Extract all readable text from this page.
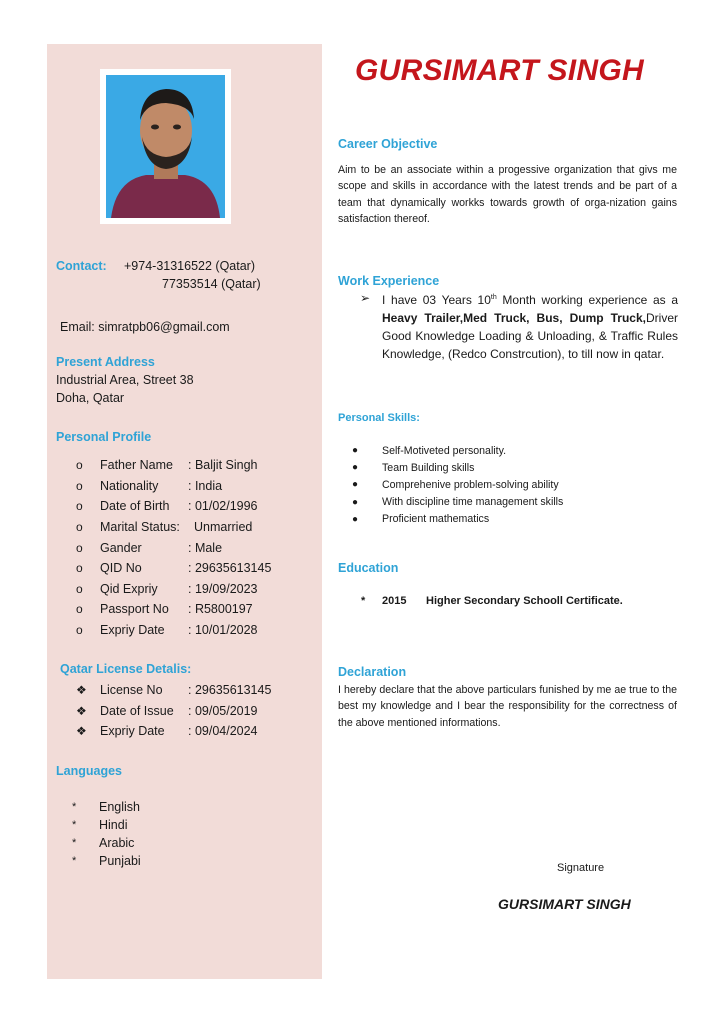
Contact: +974-31316522 (Qatar)
77353514 (Qatar)
Email: simratpb06@gmail.com
Present Address
Industrial Area, Street 38
Doha, Qatar
Personal Profile
o	Father Name	: Baljit Singh
o	Nationality	: India
o	Date of Birth	: 01/02/1996
o	Marital Status:	Unmarried
o	Gander	: Male
o	QID No	: 29635613145
o	Qid Expriy	: 19/09/2023
o	Passport No	: R5800197
o	Expriy Date	: 10/01/2028
Qatar License Detalis:
❖	License No	: 29635613145
❖	Date of Issue	: 09/05/2019
❖	Expriy Date	: 09/04/2024
Languages
*	English
*	Hindi
*	Arabic
*	Punjabi
GURSIMART SINGH
Career Objective
Aim to be an associate within a progessive organization that givs me scope and skills in accordance with the latest trends and be part of a team that dynamically workks towards growth of orga-nization gains satisfaction thereof.
Work Experience
➢ I have 03 Years 10th Month working experience as a Heavy Trailer,Med Truck, Bus, Dump Truck,Driver Good Knowledge Loading & Unloading, & Traffic Rules Knowledge, (Redco Constrcution), to till now in qatar.
Personal Skills:
●	Self-Motiveted personality.
●	Team Building skills
●	Comprehenive problem-solving ability
●	With discipline time management skills
●	Proficient mathematics
Education
*	2015	Higher Secondary Schooll Certificate.
Declaration
I hereby declare that the above particulars funished by me ae true to the best my knowledge and I bear the responsibility for the correctness of the above mentioned informations.
Signature
GURSIMART SINGH
